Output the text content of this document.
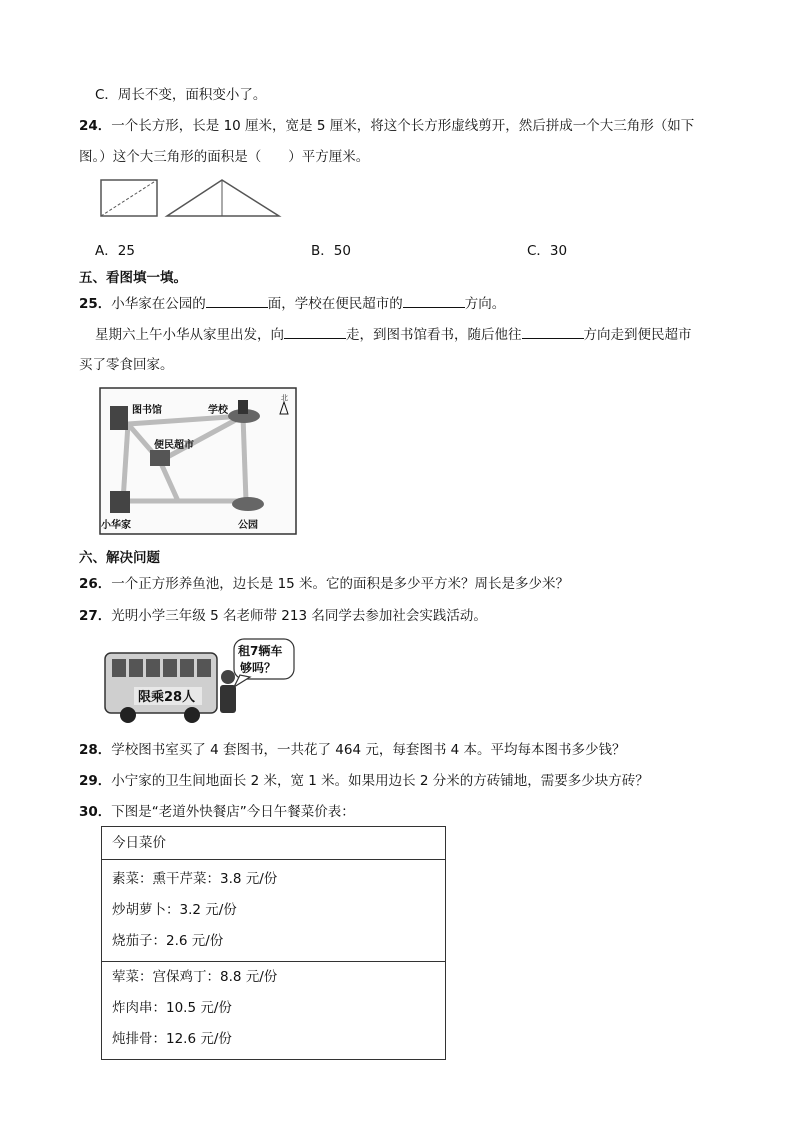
C．周长不变，面积变小了。
24．一个长方形，长是 10 厘米，宽是 5 厘米，将这个长方形虚线剪开，然后拼成一个大三角形（如下
图。）这个大三角形的面积是（　　）平方厘米。
A．25	B．50	C．30
五、看图填一填。
25．小华家在公园的	面，学校在便民超市的	方向。
星期六上午小华从家里出发，向	走，到图书馆看书，随后他往	方向走到便民超市
买了零食回家。
图书馆	学校
便民超市
小华家	公园
北
六、解决问题
26．一个正方形养鱼池，边长是 15 米。它的面积是多少平方米？周长是多少米？
27．光明小学三年级 5 名老师带 213 名同学去参加社会实践活动。
限乘28人
租7辆车
够吗？
28．学校图书室买了 4 套图书，一共花了 464 元，每套图书 4 本。平均每本图书多少钱？
29．小宁家的卫生间地面长 2 米，宽 1 米。如果用边长 2 分米的方砖铺地，需要多少块方砖？
30．下图是“老道外快餐店”今日午餐菜价表：
今日菜价

素菜：熏干芹菜：3.8 元/份
炒胡萝卜：3.2 元/份
烧茄子：2.6 元/份

荤菜：宫保鸡丁：8.8 元/份
炸肉串：10.5 元/份
炖排骨：12.6 元/份
